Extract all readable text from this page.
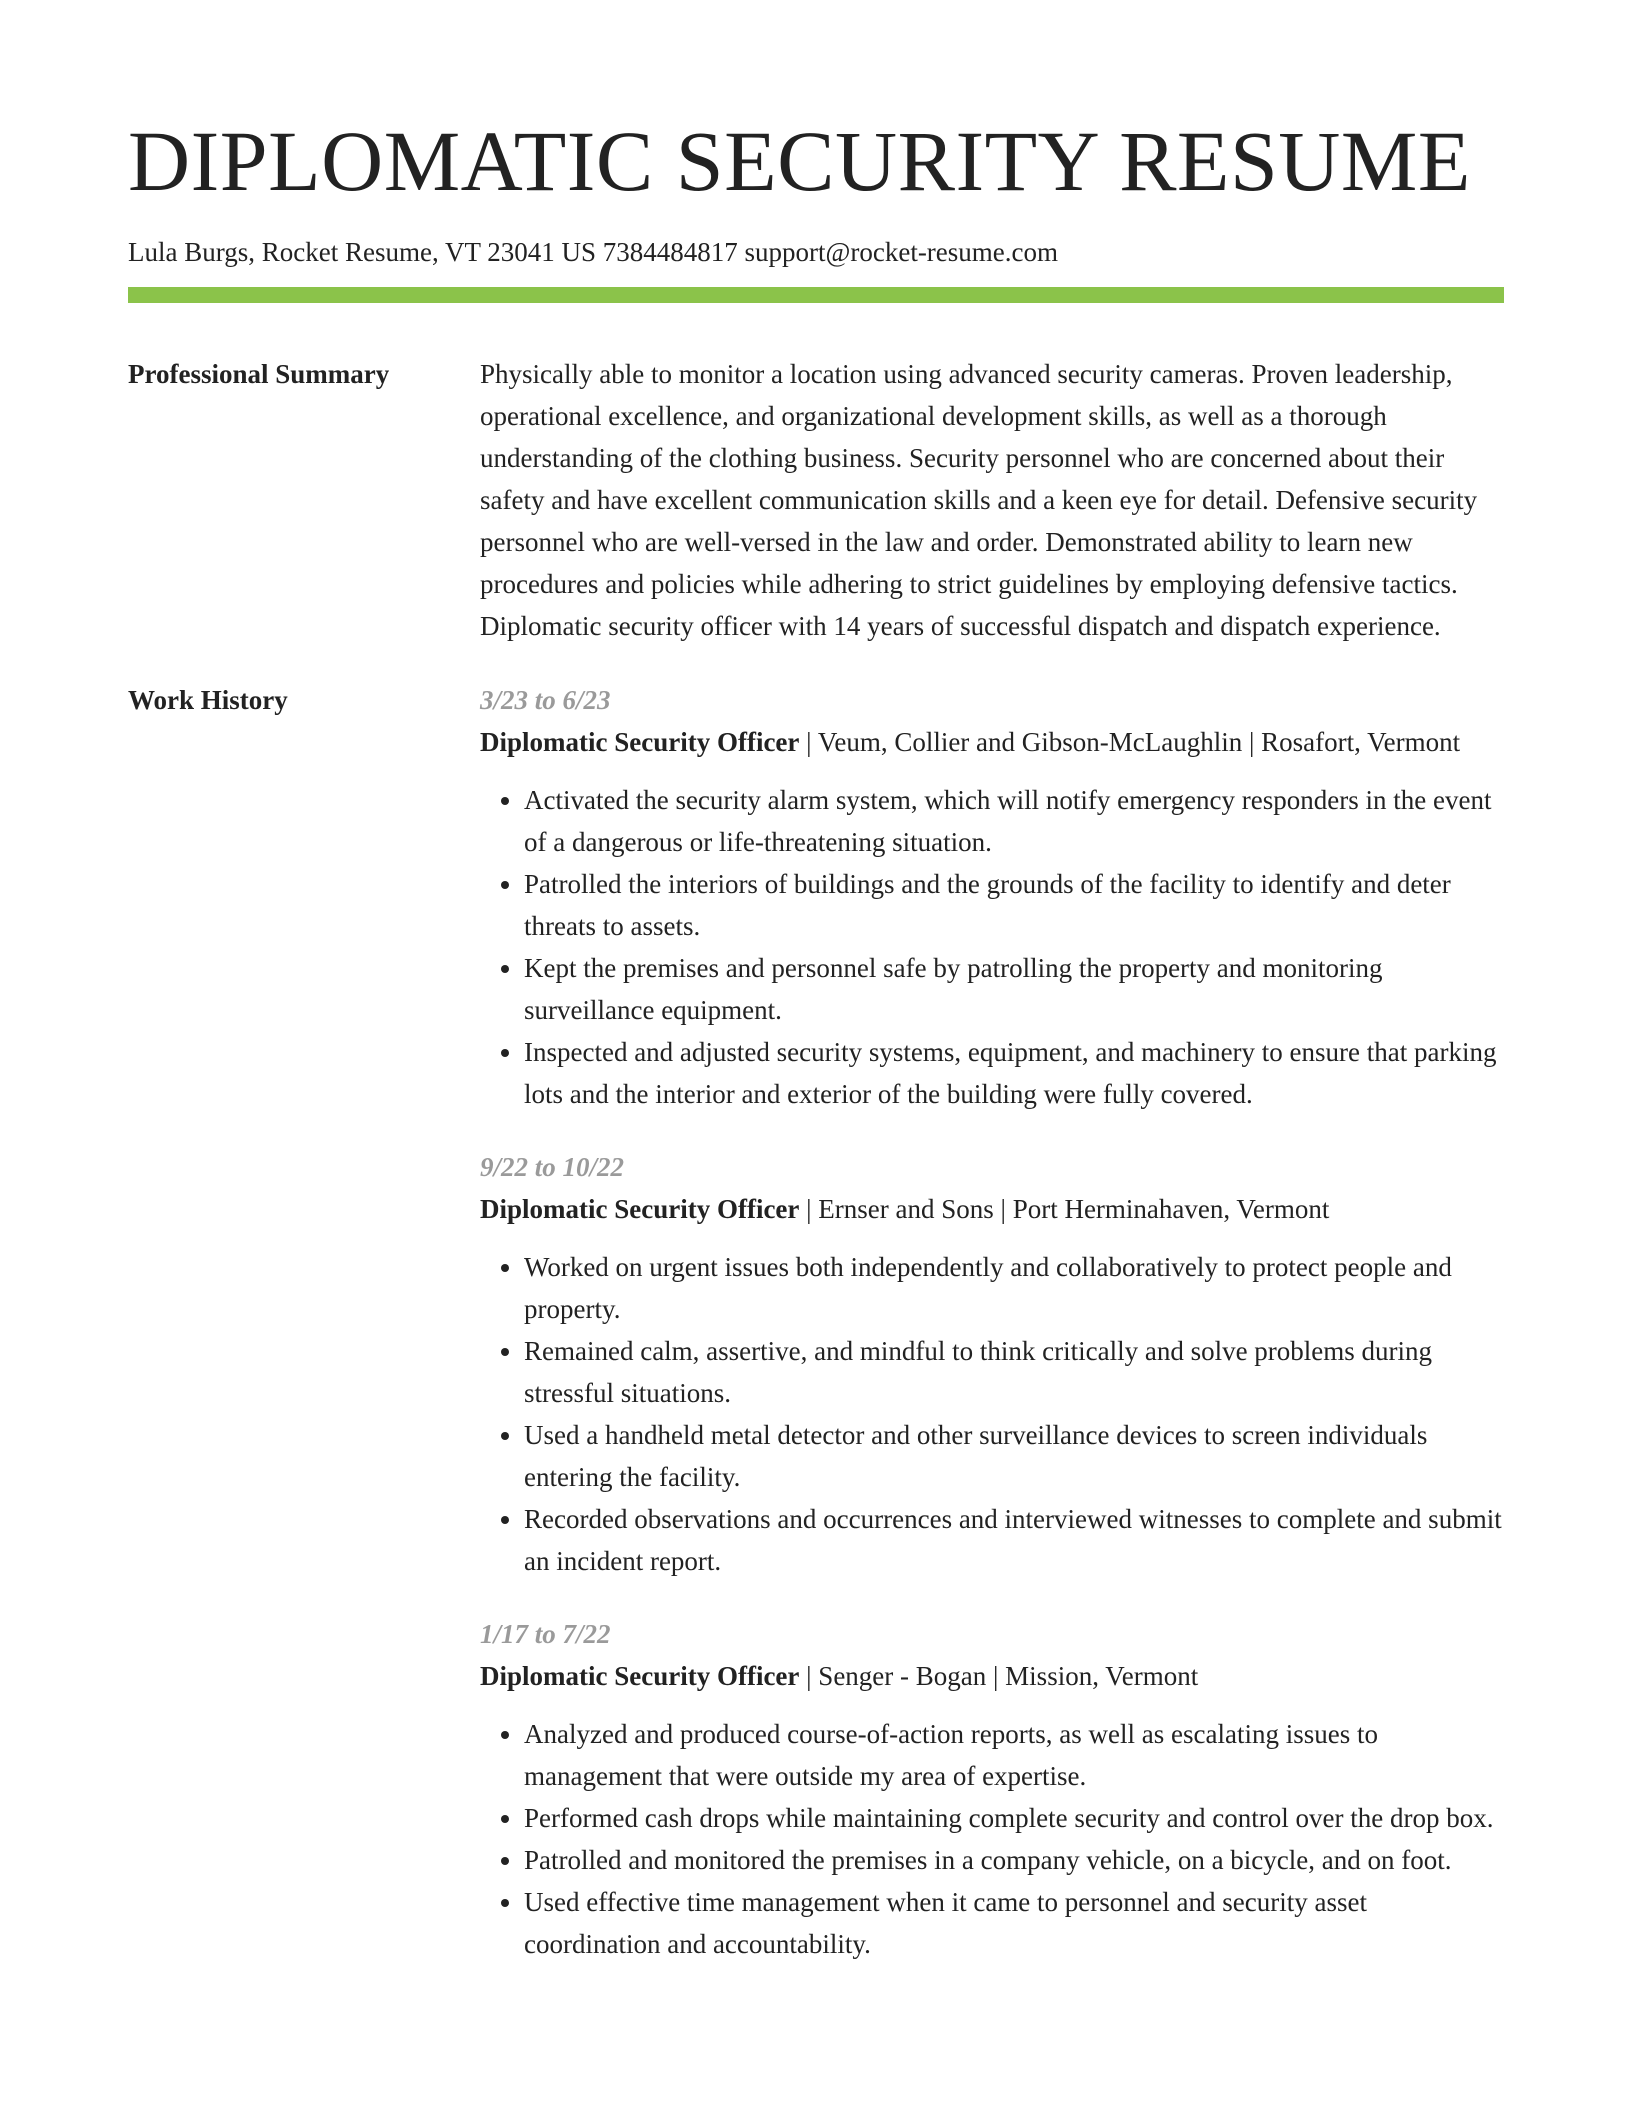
DIPLOMATIC SECURITY RESUME
Lula Burgs, Rocket Resume, VT 23041 US 7384484817 support@rocket-resume.com
Professional Summary	Physically able to monitor a location using advanced security cameras. Proven leadership, operational excellence, and organizational development skills, as well as a thorough understanding of the clothing business. Security personnel who are concerned about their safety and have excellent communication skills and a keen eye for detail. Defensive security personnel who are well-versed in the law and order. Demonstrated ability to learn new procedures and policies while adhering to strict guidelines by employing defensive tactics. Diplomatic security officer with 14 years of successful dispatch and dispatch experience.
Work History	3/23 to 6/23
Diplomatic Security Officer | Veum, Collier and Gibson-McLaughlin | Rosafort, Vermont
• Activated the security alarm system, which will notify emergency responders in the event of a dangerous or life-threatening situation.
• Patrolled the interiors of buildings and the grounds of the facility to identify and deter threats to assets.
• Kept the premises and personnel safe by patrolling the property and monitoring surveillance equipment.
• Inspected and adjusted security systems, equipment, and machinery to ensure that parking lots and the interior and exterior of the building were fully covered.
9/22 to 10/22
Diplomatic Security Officer | Ernser and Sons | Port Herminahaven, Vermont
• Worked on urgent issues both independently and collaboratively to protect people and property.
• Remained calm, assertive, and mindful to think critically and solve problems during stressful situations.
• Used a handheld metal detector and other surveillance devices to screen individuals entering the facility.
• Recorded observations and occurrences and interviewed witnesses to complete and submit an incident report.
1/17 to 7/22
Diplomatic Security Officer | Senger - Bogan | Mission, Vermont
• Analyzed and produced course-of-action reports, as well as escalating issues to management that were outside my area of expertise.
• Performed cash drops while maintaining complete security and control over the drop box.
• Patrolled and monitored the premises in a company vehicle, on a bicycle, and on foot.
• Used effective time management when it came to personnel and security asset coordination and accountability.
